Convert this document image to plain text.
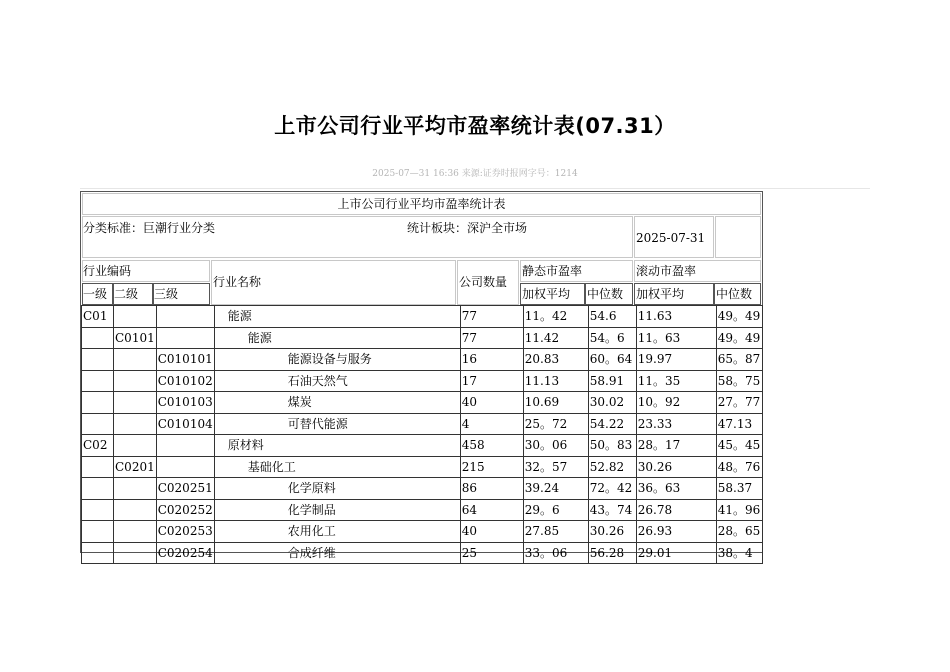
上市公司行业平均市盈率统计表(07.31）
2025-07—31 16:36 来源:证券时报网字号：1214
上市公司行业平均市盈率统计表
分类标准：巨潮行业分类	统计板块：深沪全市场
2025-07-31
行业编码
一级 二级	三级
行业名称	公司数量
静态市盈率	滚动市盈率
加权平均	中位数	加权平均	中位数
C01			能源	77	11。42	54.6	11.63	49。49
	C0101		能源	77	11.42	54。6	11。63	49。49
		C010101	能源设备与服务	16	20.83	60。64	19.97	65。87
		C010102	石油天然气	17	11.13	58.91	11。35	58。75
		C010103	煤炭	40	10.69	30.02	10。92	27。77
		C010104	可替代能源	4	25。72	54.22	23.33	47.13
C02			原材料	458	30。06	50。83	28。17	45。45
	C0201		基础化工	215	32。57	52.82	30.26	48。76
		C020251	化学原料	86	39.24	72。42	36。63	58.37
		C020252	化学制品	64	29。6	43。74	26.78	41。96
		C020253	农用化工	40	27.85	30.26	26.93	28。65
		C020254	合成纤维	25	33。06	56.28	29.01	38。4
